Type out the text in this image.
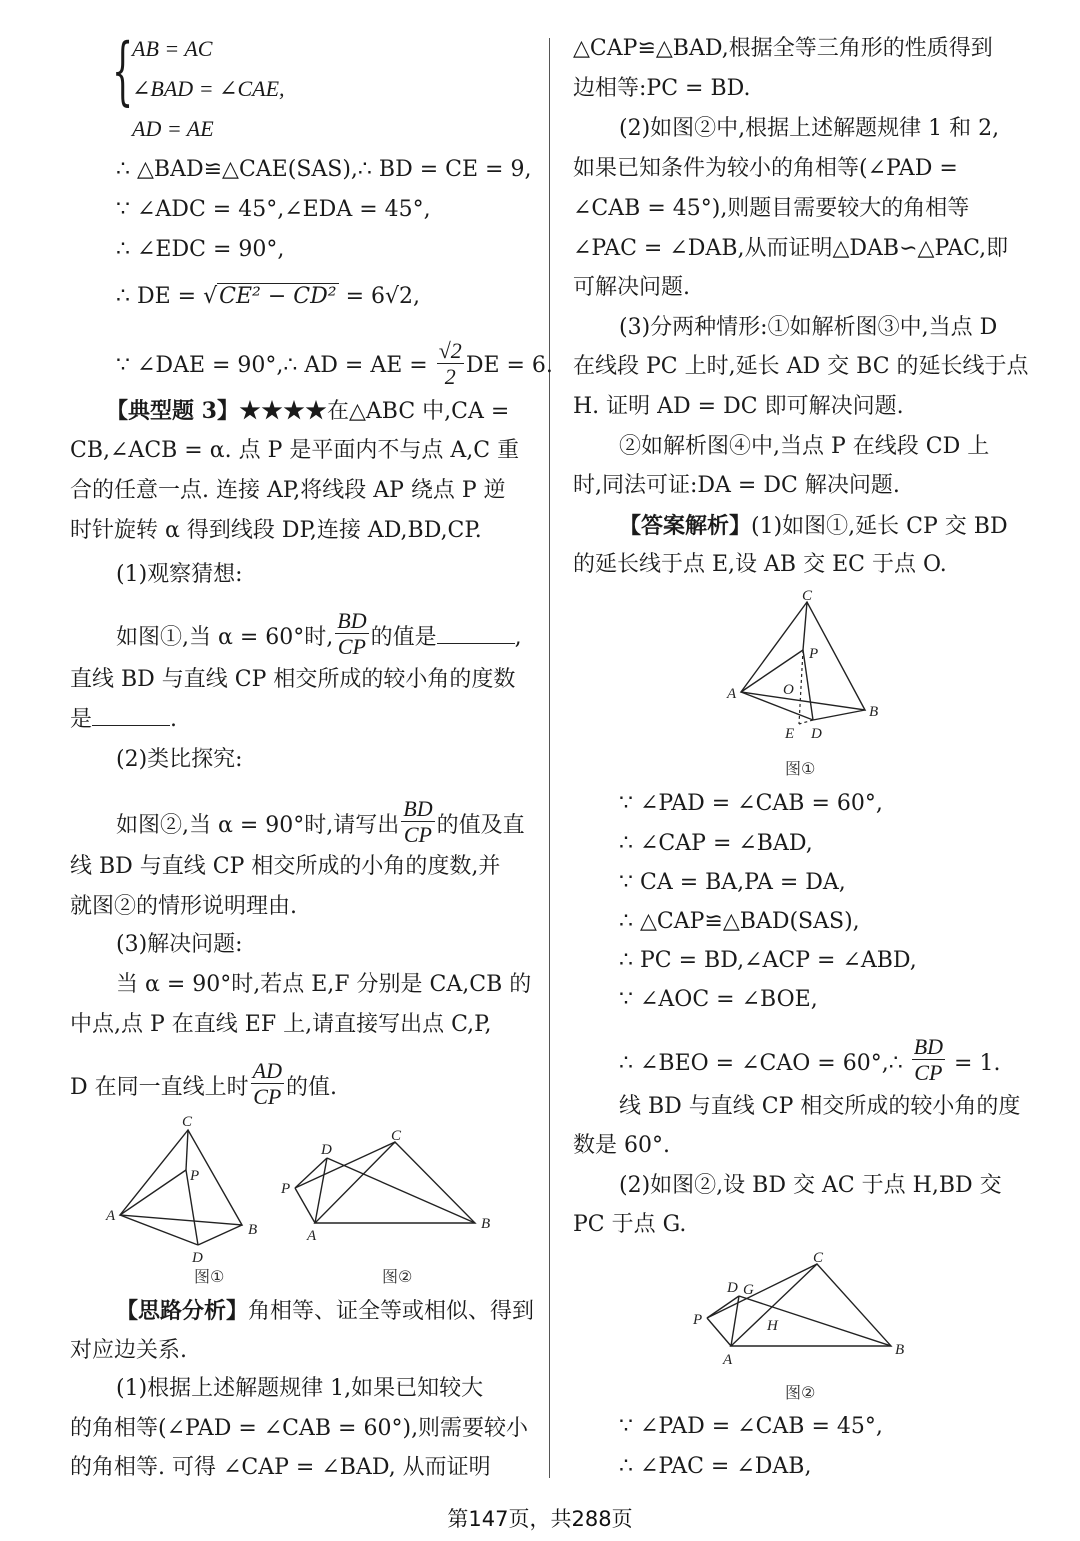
{
AB = AC
∠BAD = ∠CAE,
AD = AE
∴ △BAD≌△CAE(SAS),∴ BD = CE = 9,
∵ ∠ADC = 45°,∠EDA = 45°,
∴ ∠EDC = 90°,
∴ DE = √CE² − CD² = 6√2,
∵ ∠DAE = 90°,∴ AD = AE = $\frac{√2}{2}$ DE = 6.
【典型题 3】★★★★在△ABC 中,CA =
CB,∠ACB = α. 点 P 是平面内不与点 A,C 重
合的任意一点. 连接 AP,将线段 AP 绕点 P 逆
时针旋转 α 得到线段 DP,连接 AD,BD,CP.
(1)观察猜想:
如图①,当 α = 60°时, $\frac{BD}{CP}$ 的值是	,
直线 BD 与直线 CP 相交所成的较小角的度数
是	.
(2)类比探究:
如图②,当 α = 90°时,请写出 $\frac{BD}{CP}$ 的值及直
线 BD 与直线 CP 相交所成的小角的度数,并
就图②的情形说明理由.
(3)解决问题:
当 α = 90°时,若点 E,F 分别是 CA,CB 的
中点,点 P 在直线 EF 上,请直接写出点 C,P,
D 在同一直线上时 $\frac{AD}{CP}$ 的值.
C
P
A
B
D
图①
C
D
P
A
B
图②
【思路分析】角相等、证全等或相似、得到
对应边关系.
(1)根据上述解题规律 1,如果已知较大
的角相等(∠PAD = ∠CAB = 60°),则需要较小
的角相等. 可得 ∠CAP = ∠BAD, 从而证明
△CAP≌△BAD,根据全等三角形的性质得到
边相等:PC = BD.
(2)如图②中,根据上述解题规律 1 和 2,
如果已知条件为较小的角相等(∠PAD =
∠CAB = 45°),则题目需要较大的角相等
∠PAC = ∠DAB,从而证明△DAB∽△PAC,即
可解决问题.
(3)分两种情形:①如解析图③中,当点 D
在线段 PC 上时,延长 AD 交 BC 的延长线于点
H. 证明 AD = DC 即可解决问题.
②如解析图④中,当点 P 在线段 CD 上
时,同法可证:DA = DC 解决问题.
【答案解析】(1)如图①,延长 CP 交 BD
的延长线于点 E,设 AB 交 EC 于点 O.
C
P
O
A
B
E D
图①
∵ ∠PAD = ∠CAB = 60°,
∴ ∠CAP = ∠BAD,
∵ CA = BA,PA = DA,
∴ △CAP≌△BAD(SAS),
∴ PC = BD,∠ACP = ∠ABD,
∵ ∠AOC = ∠BOE,
∴ ∠BEO = ∠CAO = 60°,∴ $\frac{BD}{CP} = 1$.
线 BD 与直线 CP 相交所成的较小角的度
数是 60°.
(2)如图②,设 BD 交 AC 于点 H,BD 交
PC 于点 G.
C
D G
H
P
A
B
图②
∵ ∠PAD = ∠CAB = 45°,
∴ ∠PAC = ∠DAB,
第147页，共288页
